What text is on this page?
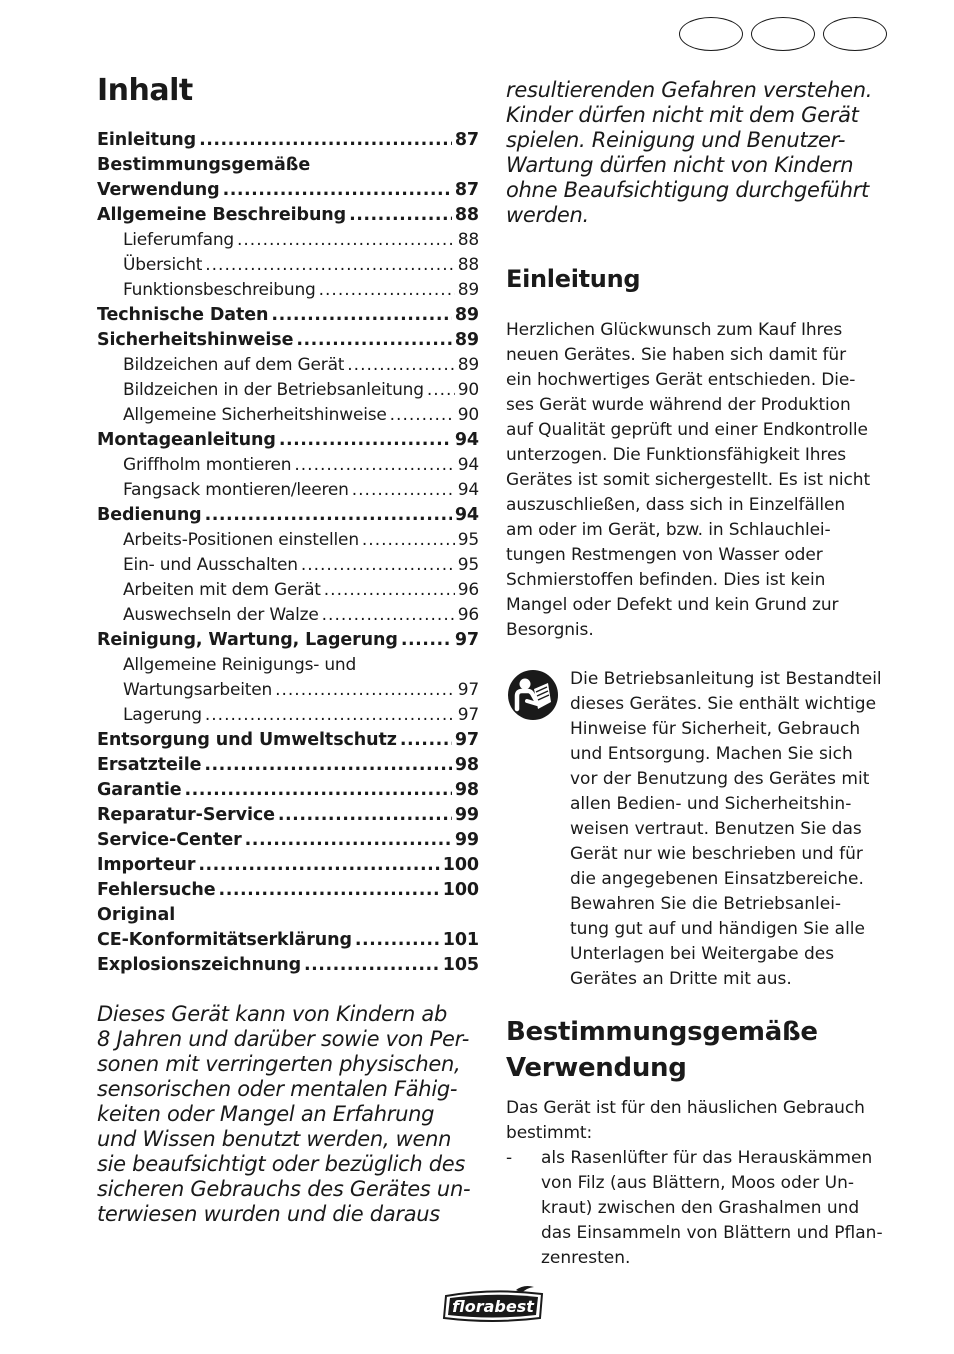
Inhalt
Einleitung .....	87
Bestimmungsgemäße
Verwendung .....	87
Allgemeine Beschreibung .....	88
Lieferumfang .....	88
Übersicht .....	88
Funktionsbeschreibung .....	89
Technische Daten .....	89
Sicherheitshinweise .....	89
Bildzeichen auf dem Gerät .....	89
Bildzeichen in der Betriebsanleitung ..... 90
Allgemeine Sicherheitshinweise .....	90
Montageanleitung .....	94
Griffholm montieren .....	94
Fangsack montieren/leeren .....	94
Bedienung .....	94
Arbeits-Positionen einstellen .....	95
Ein- und Ausschalten .....	95
Arbeiten mit dem Gerät .....	96
Auswechseln der Walze .....	96
Reinigung, Wartung, Lagerung .....	97
Allgemeine Reinigungs- und
Wartungsarbeiten .....	97
Lagerung .....	97
Entsorgung und Umweltschutz .....	97
Ersatzteile .....	98
Garantie .....	98
Reparatur-Service .....	99
Service-Center .....	99
Importeur .....	100
Fehlersuche .....	100
Original
CE-Konformitätserklärung .....	101
Explosionszeichnung .....	105
Dieses Gerät kann von Kindern ab
8 Jahren und darüber sowie von Per-
sonen mit verringerten physischen,
sensorischen oder mentalen Fähig-
keiten oder Mangel an Erfahrung
und Wissen benutzt werden, wenn
sie beaufsichtigt oder bezüglich des
sicheren Gebrauchs des Gerätes un-
terwiesen wurden und die daraus
resultierenden Gefahren verstehen.
Kinder dürfen nicht mit dem Gerät
spielen. Reinigung und Benutzer-
Wartung dürfen nicht von Kindern
ohne Beaufsichtigung durchgeführt
werden.
Einleitung
Herzlichen Glückwunsch zum Kauf Ihres
neuen Gerätes. Sie haben sich damit für
ein hochwertiges Gerät entschieden. Die-
ses Gerät wurde während der Produktion
auf Qualität geprüft und einer Endkontrolle
unterzogen. Die Funktionsfähigkeit Ihres
Gerätes ist somit sichergestellt. Es ist nicht
auszuschließen, dass sich in Einzelfällen
am oder im Gerät, bzw. in Schlauchlei-
tungen Restmengen von Wasser oder
Schmierstoffen befinden. Dies ist kein
Mangel oder Defekt und kein Grund zur
Besorgnis.
Die Betriebsanleitung ist Bestandteil
dieses Gerätes. Sie enthält wichtige
Hinweise für Sicherheit, Gebrauch
und Entsorgung. Machen Sie sich
vor der Benutzung des Gerätes mit
allen Bedien- und Sicherheitshin-
weisen vertraut. Benutzen Sie das
Gerät nur wie beschrieben und für
die angegebenen Einsatzbereiche.
Bewahren Sie die Betriebsanlei-
tung gut auf und händigen Sie alle
Unterlagen bei Weitergabe des
Gerätes an Dritte mit aus.
Bestimmungsgemäße
Verwendung
Das Gerät ist für den häuslichen Gebrauch
bestimmt:
-	als Rasenlüfter für das Herauskämmen
von Filz (aus Blättern, Moos oder Un-
kraut) zwischen den Grashalmen und
das Einsammeln von Blättern und Pflan-
zenresten.
florabest
